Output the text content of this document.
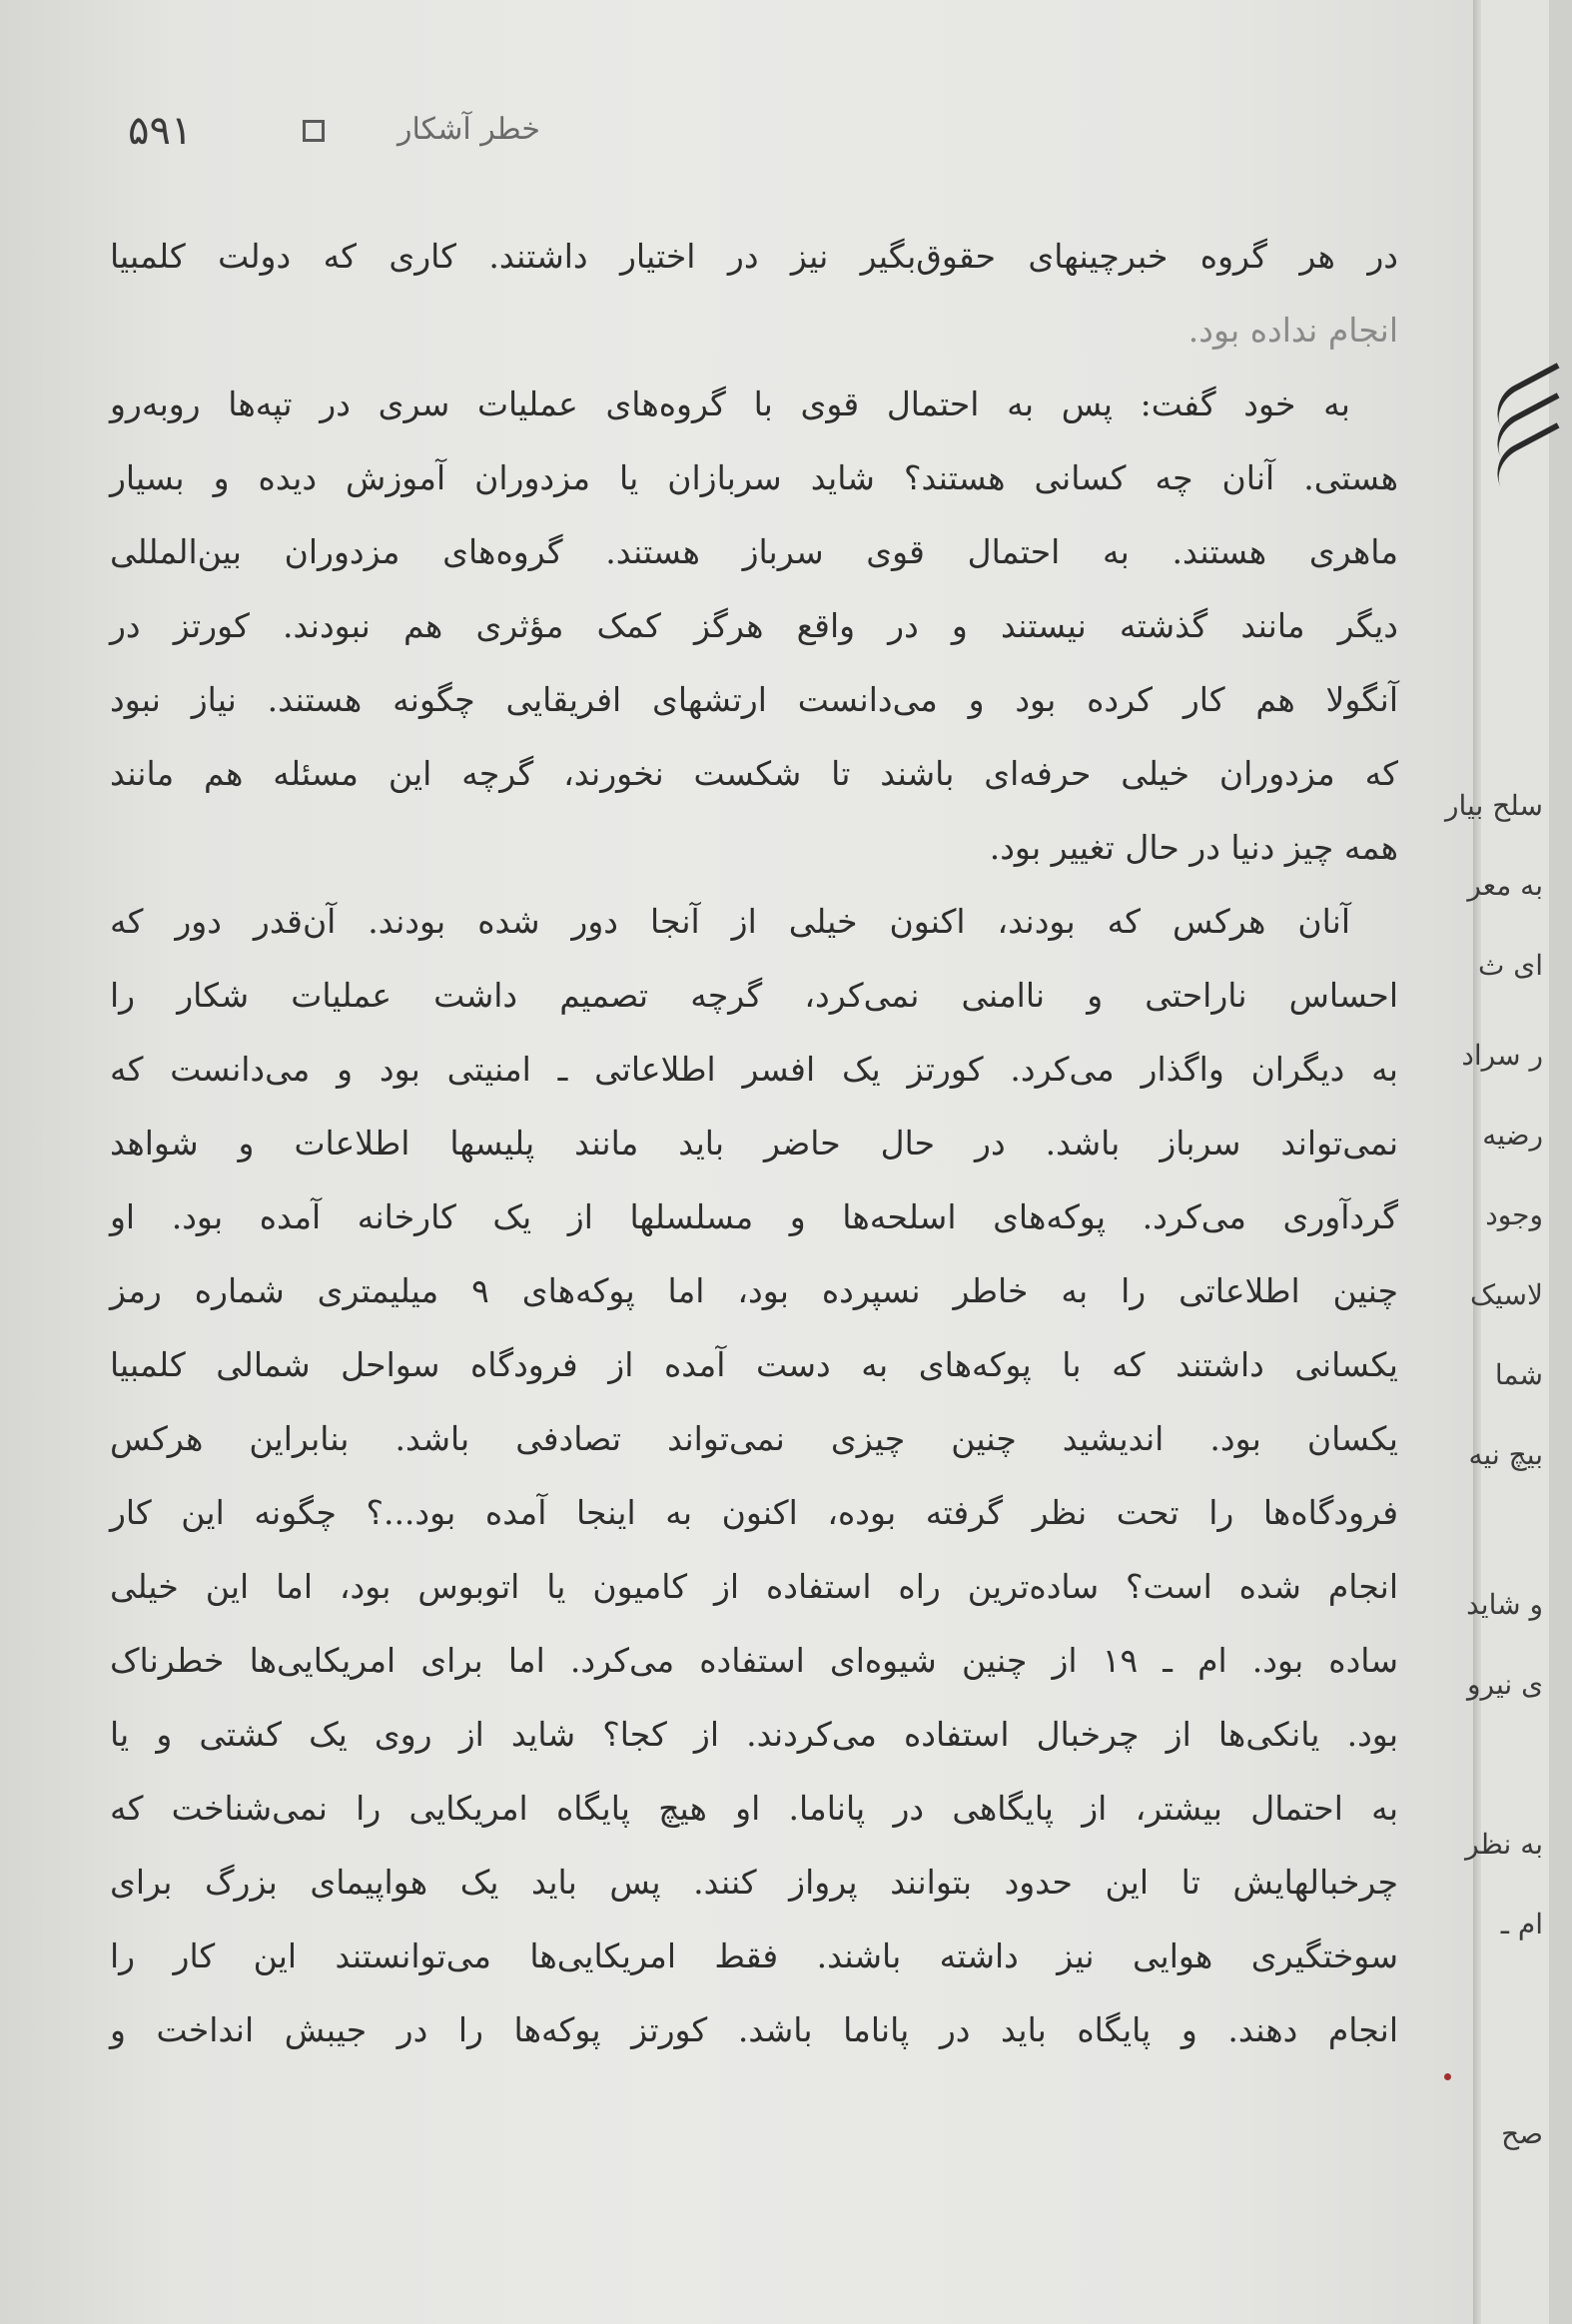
۵۹۱	خطر آشکار
در هر گروه خبرچینهای حقوق‌بگیر نیز در اختیار داشتند. کاری که دولت کلمبیا
انجام نداده بود.
به خود گفت: پس به احتمال قوی با گروه‌های عملیات سری در تپه‌ها روبه‌رو
هستی. آنان چه کسانی هستند؟ شاید سربازان یا مزدوران آموزش دیده و بسیار
ماهری هستند. به احتمال قوی سرباز هستند. گروه‌های مزدوران بین‌المللی
دیگر مانند گذشته نیستند و در واقع هرگز کمک مؤثری هم نبودند. کورتز در
آنگولا هم کار کرده بود و می‌دانست ارتشهای افریقایی چگونه هستند. نیاز نبود
که مزدوران خیلی حرفه‌ای باشند تا شکست نخورند، گرچه این مسئله هم مانند
همه چیز دنیا در حال تغییر بود.
آنان هرکس که بودند، اکنون خیلی از آنجا دور شده بودند. آن‌قدر دور که
احساس ناراحتی و ناامنی نمی‌کرد، گرچه تصمیم داشت عملیات شکار را
به دیگران واگذار می‌کرد. کورتز یک افسر اطلاعاتی ـ امنیتی بود و می‌دانست که
نمی‌تواند سرباز باشد. در حال حاضر باید مانند پلیسها اطلاعات و شواهد
گردآوری می‌کرد. پوکه‌های اسلحه‌ها و مسلسلها از یک کارخانه آمده بود. او
چنین اطلاعاتی را به خاطر نسپرده بود، اما پوکه‌های ۹ میلیمتری شماره رمز
یکسانی داشتند که با پوکه‌های به دست آمده از فرودگاه سواحل شمالی کلمبیا
یکسان بود. اندیشید چنین چیزی نمی‌تواند تصادفی باشد. بنابراین هرکس
فرودگاه‌ها را تحت نظر گرفته بوده، اکنون به اینجا آمده بود...؟ چگونه این کار
انجام شده است؟ ساده‌ترین راه استفاده از کامیون یا اتوبوس بود، اما این خیلی
ساده بود. ام ـ ۱۹ از چنین شیوه‌ای استفاده می‌کرد. اما برای امریکایی‌ها خطرناک
بود. یانکی‌ها از چرخبال استفاده می‌کردند. از کجا؟ شاید از روی یک کشتی و یا
به احتمال بیشتر، از پایگاهی در پاناما. او هیچ پایگاه امریکایی را نمی‌شناخت که
چرخبالهایش تا این حدود بتوانند پرواز کنند. پس باید یک هواپیمای بزرگ برای
سوختگیری هوایی نیز داشته باشند. فقط امریکایی‌ها می‌توانستند این کار را
انجام دهند. و پایگاه باید در پاناما باشد. کورتز پوکه‌ها را در جیبش انداخت و
سلح بیار
به معر
ای ث
ر سراد
رضیه
وجود
لاسیک
شما
بیچ نیه
و شاید
ی نیرو
به نظر
ام ـ
صح
